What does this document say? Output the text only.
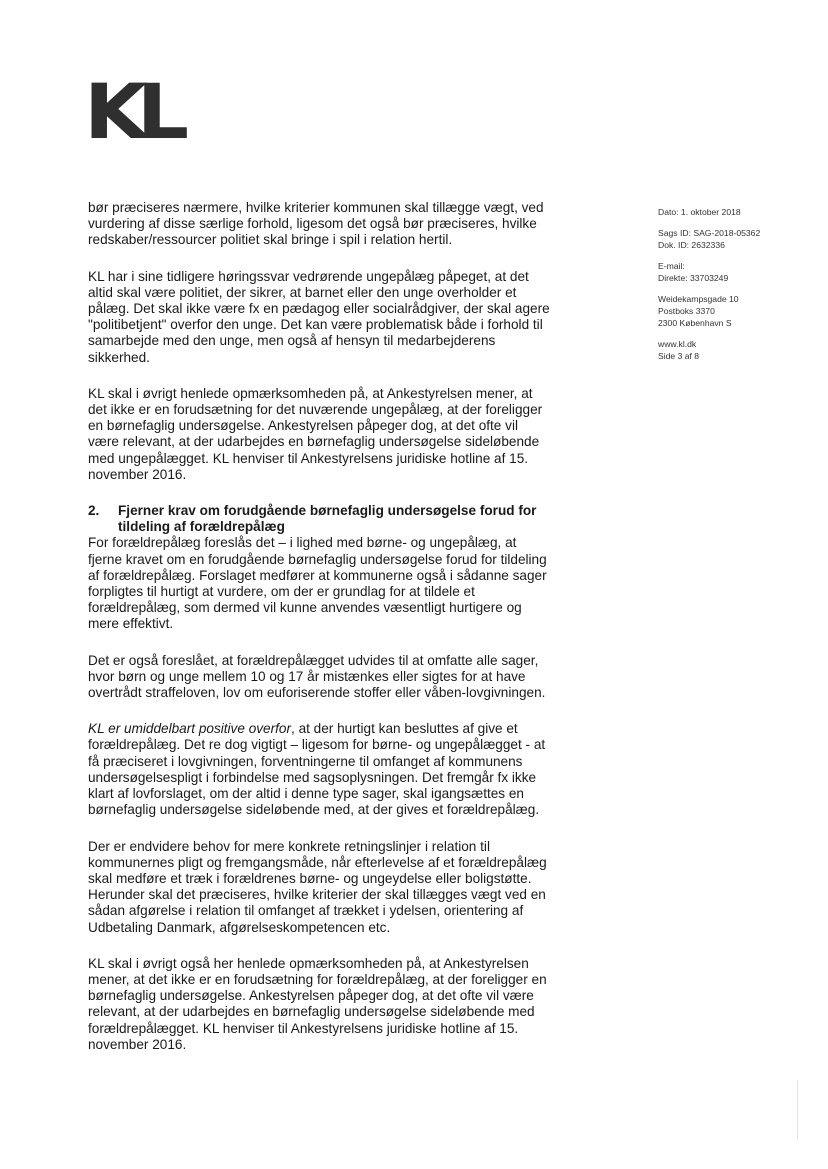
KL
Dato: 1. oktober 2018
Sags ID: SAG-2018-05362
Dok. ID: 2632336
E-mail:
Direkte: 33703249
Weidekampsgade 10
Postboks 3370
2300 København S
www.kl.dk
Side 3 af 8

bør præciseres nærmere, hvilke kriterier kommunen skal tillægge vægt, ved vurdering af disse særlige forhold, ligesom det også bør præciseres, hvilke redskaber/ressourcer politiet skal bringe i spil i relation hertil.

KL har i sine tidligere høringssvar vedrørende ungepålæg påpeget, at det altid skal være politiet, der sikrer, at barnet eller den unge overholder et pålæg. Det skal ikke være fx en pædagog eller socialrådgiver, der skal agere "politibetjent" overfor den unge. Det kan være problematisk både i forhold til samarbejde med den unge, men også af hensyn til medarbejderens sikkerhed.

KL skal i øvrigt henlede opmærksomheden på, at Ankestyrelsen mener, at det ikke er en forudsætning for det nuværende ungepålæg, at der foreligger en børnefaglig undersøgelse. Ankestyrelsen påpeger dog, at det ofte vil være relevant, at der udarbejdes en børnefaglig undersøgelse sideløbende med ungepålægget. KL henviser til Ankestyrelsens juridiske hotline af 15. november 2016.

2.	Fjerner krav om forudgående børnefaglig undersøgelse forud for tildeling af forældrepålæg

For forældrepålæg foreslås det – i lighed med børne- og ungepålæg, at fjerne kravet om en forudgående børnefaglig undersøgelse forud for tildeling af forældrepålæg. Forslaget medfører at kommunerne også i sådanne sager forpligtes til hurtigt at vurdere, om der er grundlag for at tildele et forældrepålæg, som dermed vil kunne anvendes væsentligt hurtigere og mere effektivt.

Det er også foreslået, at forældrepålægget udvides til at omfatte alle sager, hvor børn og unge mellem 10 og 17 år mistænkes eller sigtes for at have overtrådt straffeloven, lov om euforiserende stoffer eller våben-lovgivningen.

KL er umiddelbart positive overfor, at der hurtigt kan besluttes af give et forældrepålæg. Det re dog vigtigt – ligesom for børne- og ungepålægget - at få præciseret i lovgivningen, forventningerne til omfanget af kommunens undersøgelsespligt i forbindelse med sagsoplysningen. Det fremgår fx ikke klart af lovforslaget, om der altid i denne type sager, skal igangsættes en børnefaglig undersøgelse sideløbende med, at der gives et forældrepålæg.

Der er endvidere behov for mere konkrete retningslinjer i relation til kommunernes pligt og fremgangsmåde, når efterlevelse af et forældrepålæg skal medføre et træk i forældrenes børne- og ungeydelse eller boligstøtte. Herunder skal det præciseres, hvilke kriterier der skal tillægges vægt ved en sådan afgørelse i relation til omfanget af trækket i ydelsen, orientering af Udbetaling Danmark, afgørelseskompetencen etc.

KL skal i øvrigt også her henlede opmærksomheden på, at Ankestyrelsen mener, at det ikke er en forudsætning for forældrepålæg, at der foreligger en børnefaglig undersøgelse. Ankestyrelsen påpeger dog, at det ofte vil være relevant, at der udarbejdes en børnefaglig undersøgelse sideløbende med forældrepålægget. KL henviser til Ankestyrelsens juridiske hotline af 15. november 2016.
